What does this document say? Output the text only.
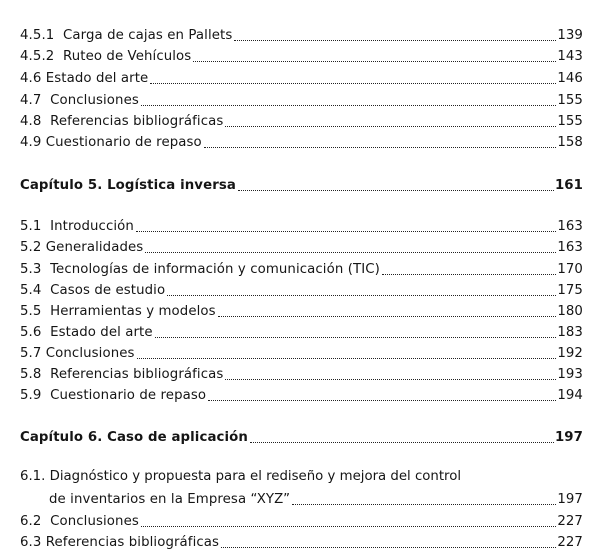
4.5.1  Carga de cajas en Pallets	139
4.5.2  Ruteo de Vehículos	143
4.6 Estado del arte	146
4.7  Conclusiones	155
4.8  Referencias bibliográficas	155
4.9 Cuestionario de repaso	158
Capítulo 5. Logística inversa	161
5.1  Introducción	163
5.2 Generalidades	163
5.3  Tecnologías de información y comunicación (TIC)	170
5.4  Casos de estudio	175
5.5  Herramientas y modelos	180
5.6  Estado del arte	183
5.7 Conclusiones	192
5.8  Referencias bibliográficas	193
5.9  Cuestionario de repaso	194
Capítulo 6. Caso de aplicación	197
6.1. Diagnóstico y propuesta para el rediseño y mejora del control
de inventarios en la Empresa “XYZ”	197
6.2  Conclusiones	227
6.3 Referencias bibliográficas	227
